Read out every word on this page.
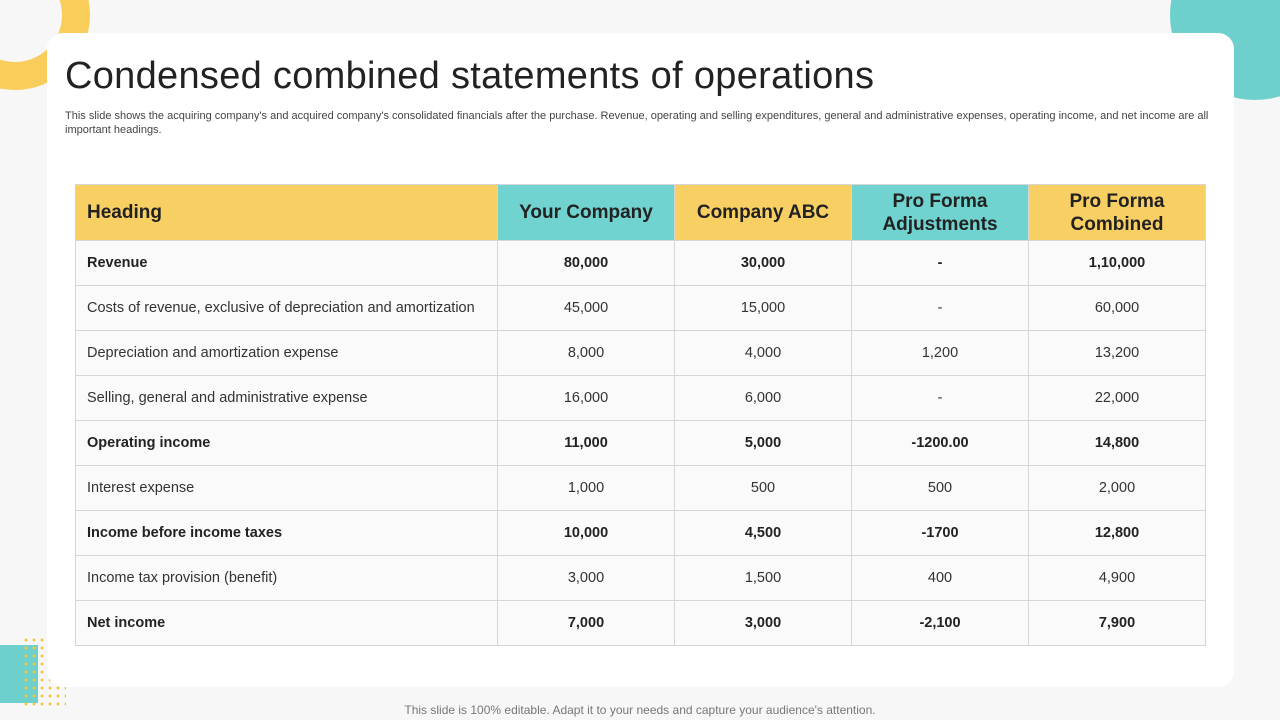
Condensed combined statements of operations

This slide shows the acquiring company's and acquired company's consolidated financials after the purchase. Revenue, operating and selling expenditures, general and administrative expenses, operating income, and net income are all important headings.

Heading	Your Company	Company ABC	Pro Forma Adjustments	Pro Forma Combined
Revenue	80,000	30,000	-	1,10,000
Costs of revenue, exclusive of depreciation and amortization	45,000	15,000	-	60,000
Depreciation and amortization expense	8,000	4,000	1,200	13,200
Selling, general and administrative expense	16,000	6,000	-	22,000
Operating income	11,000	5,000	-1200.00	14,800
Interest expense	1,000	500	500	2,000
Income before income taxes	10,000	4,500	-1700	12,800
Income tax provision (benefit)	3,000	1,500	400	4,900
Net income	7,000	3,000	-2,100	7,900
This slide is 100% editable. Adapt it to your needs and capture your audience's attention.
